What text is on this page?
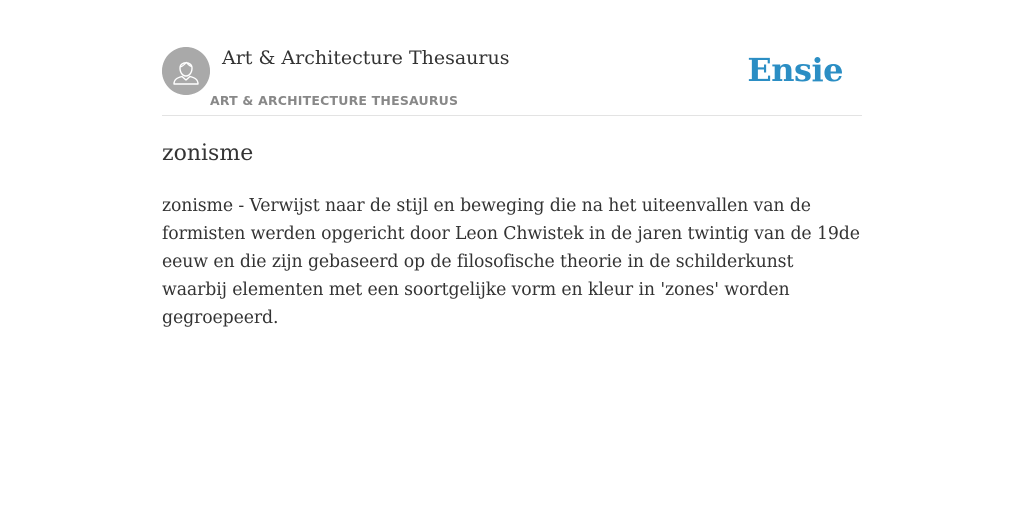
Art & Architecture Thesaurus
ART & ARCHITECTURE THESAURUS
Ensie
zonisme

zonisme - Verwijst naar de stijl en beweging die na het uiteenvallen van de formisten werden opgericht door Leon Chwistek in de jaren twintig van de 19de eeuw en die zijn gebaseerd op de filosofische theorie in de schilderkunst waarbij elementen met een soortgelijke vorm en kleur in 'zones' worden gegroepeerd.
